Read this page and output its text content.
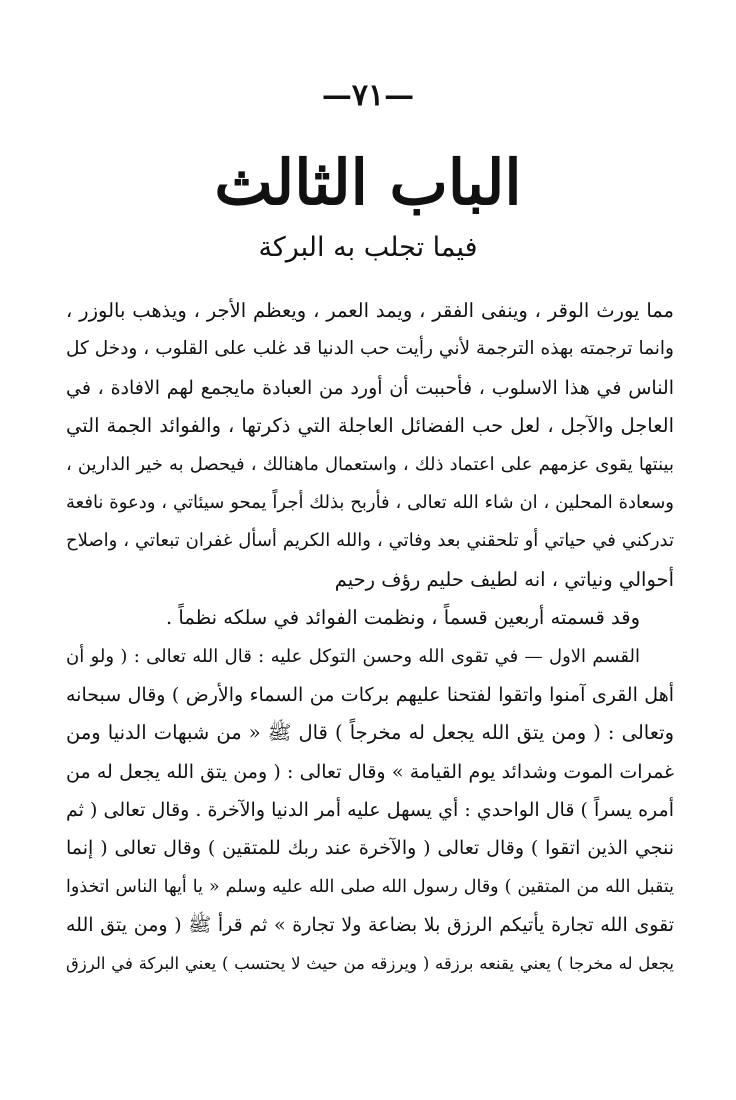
—٧١—
الباب الثالث
فيما تجلب به البركة
مما يورث الوقر ، وينفى الفقر ، ويمد العمر ، ويعظم الأجر ، ويذهب بالوزر ،
وانما ترجمته بهذه الترجمة لأني رأيت حب الدنيا قد غلب على القلوب ، ودخل كل
الناس في هذا الاسلوب ، فأحببت أن أورد من العبادة مايجمع لهم الافادة ، في
العاجل والآجل ، لعل حب الفضائل العاجلة التي ذكرتها ، والفوائد الجمة التي
بينتها يقوى عزمهم على اعتماد ذلك ، واستعمال ماهنالك ، فيحصل به خير الدارين ،
وسعادة المحلين ، ان شاء الله تعالى ، فأربح بذلك أجراً يمحو سيئاتي ، ودعوة نافعة
تدركني في حياتي أو تلحقني بعد وفاتي ، والله الكريم أسأل غفران تبعاتي ، واصلاح
أحوالي ونياتي ، انه لطيف حليم رؤف رحيم
وقد قسمته أربعين قسماً ، ونظمت الفوائد في سلكه نظماً .
القسم الاول — في تقوى الله وحسن التوكل عليه : قال الله تعالى : ( ولو أن
أهل القرى آمنوا واتقوا لفتحنا عليهم بركات من السماء والأرض ) وقال سبحانه
وتعالى : ( ومن يتق الله يجعل له مخرجاً ) قال ﷺ « من شبهات الدنيا ومن
غمرات الموت وشدائد يوم القيامة » وقال تعالى : ( ومن يتق الله يجعل له من
أمره يسراً ) قال الواحدي : أي يسهل عليه أمر الدنيا والآخرة . وقال تعالى ( ثم
ننجي الذين اتقوا ) وقال تعالى ( والآخرة عند ربك للمتقين ) وقال تعالى ( إنما
يتقبل الله من المتقين ) وقال رسول الله صلى الله عليه وسلم « يا أيها الناس اتخذوا
تقوى الله تجارة يأتيكم الرزق بلا بضاعة ولا تجارة » ثم قرأ ﷺ ( ومن يتق الله
يجعل له مخرجا ) يعني يقنعه برزقه ( ويرزقه من حيث لا يحتسب ) يعني البركة في الرزق
